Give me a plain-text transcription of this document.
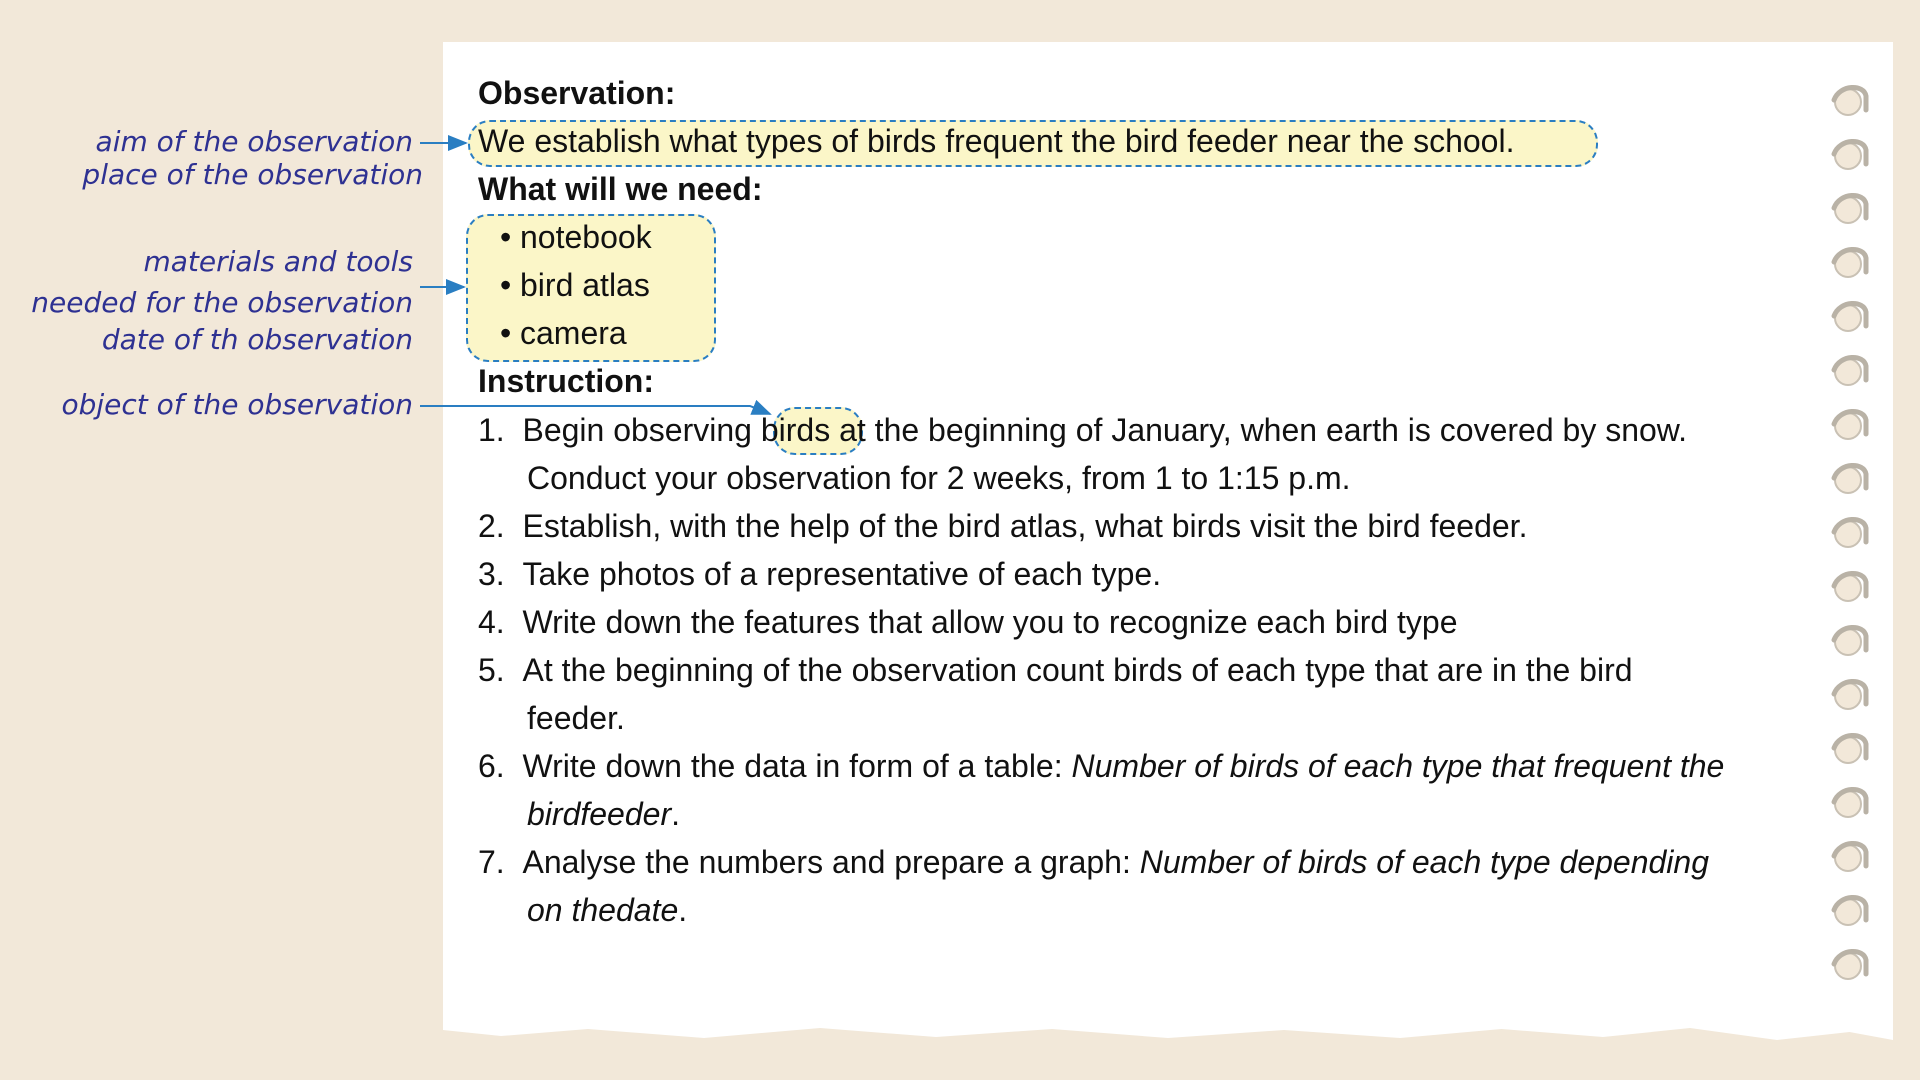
aim of the observation
place of the observation
materials and tools
needed for the observation
date of th observation
object of the observation
Observation:
We establish what types of birds frequent the bird feeder near the school.
What will we need:
• notebook
• bird atlas
• camera
Instruction:
1. Begin observing birds at the beginning of January, when earth is covered by snow.
Conduct your observation for 2 weeks, from 1 to 1:15 p.m.
2. Establish, with the help of the bird atlas, what birds visit the bird feeder.
3. Take photos of a representative of each type.
4. Write down the features that allow you to recognize each bird type
5. At the beginning of the observation count birds of each type that are in the bird
feeder.
6. Write down the data in form of a table: Number of birds of each type that frequent the
birdfeeder.
7. Analyse the numbers and prepare a graph: Number of birds of each type depending
on thedate.
